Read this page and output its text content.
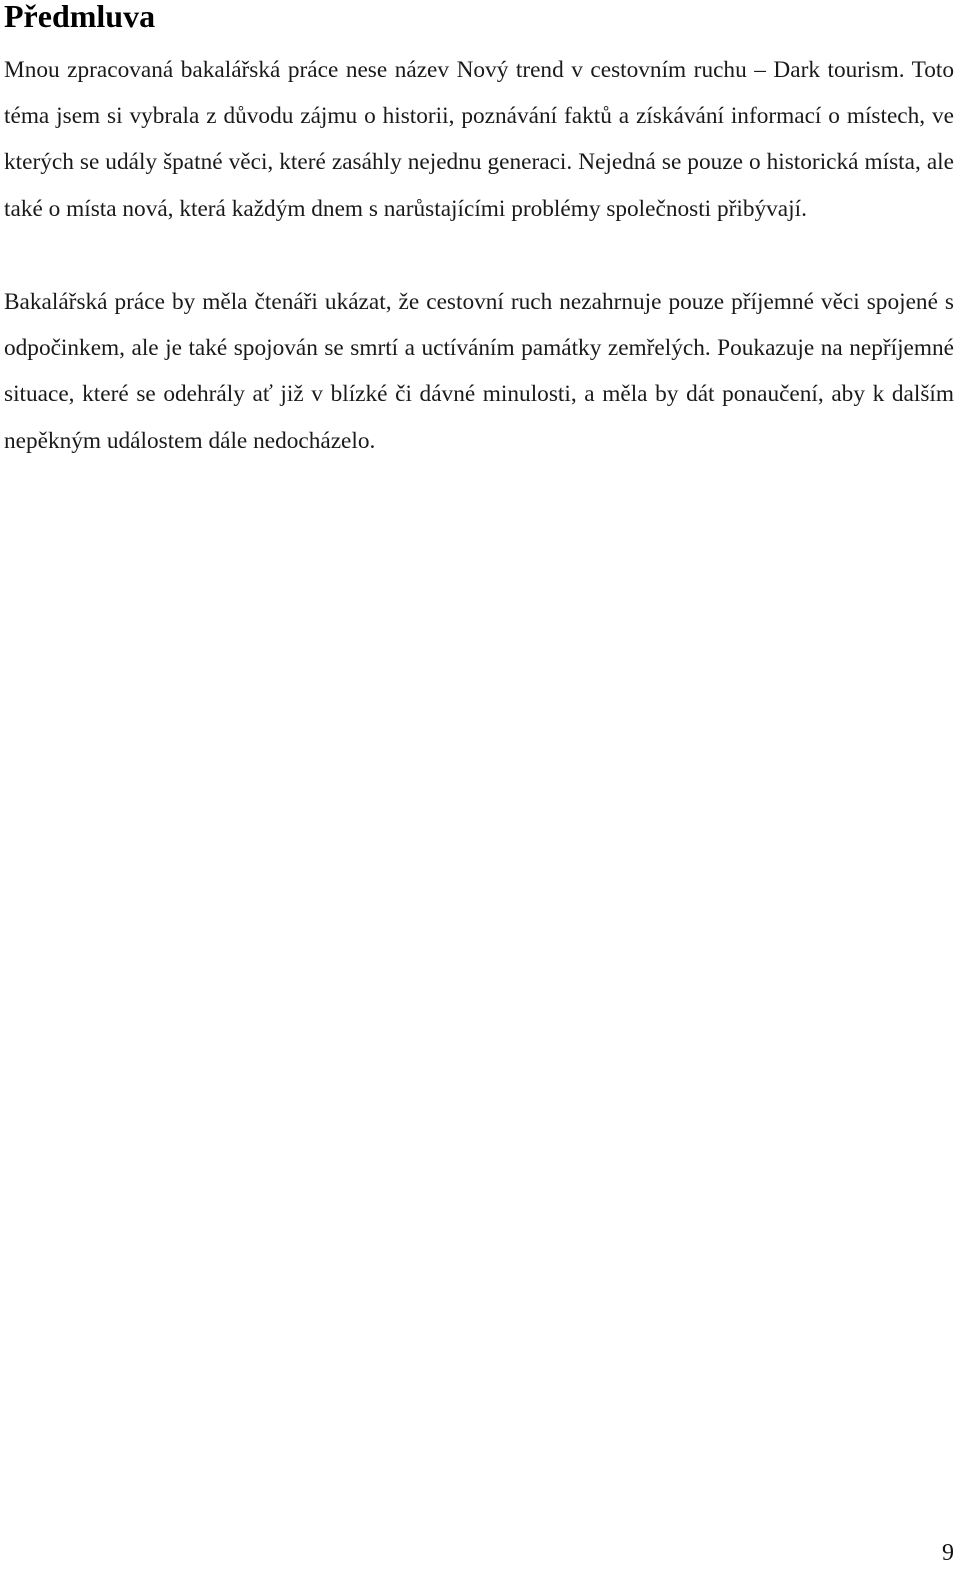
Předmluva

Mnou zpracovaná bakalářská práce nese název Nový trend v cestovním ruchu – Dark tourism. Toto téma jsem si vybrala z důvodu zájmu o historii, poznávání faktů a získávání informací o místech, ve kterých se udály špatné věci, které zasáhly nejednu generaci. Nejedná se pouze o historická místa, ale také o místa nová, která každým dnem s narůstajícími problémy společnosti přibývají.

Bakalářská práce by měla čtenáři ukázat, že cestovní ruch nezahrnuje pouze příjemné věci spojené s odpočinkem, ale je také spojován se smrtí a uctíváním památky zemřelých. Poukazuje na nepříjemné situace, které se odehrály ať již v blízké či dávné minulosti, a měla by dát ponaučení, aby k dalším nepěkným událostem dále nedocházelo.

9
